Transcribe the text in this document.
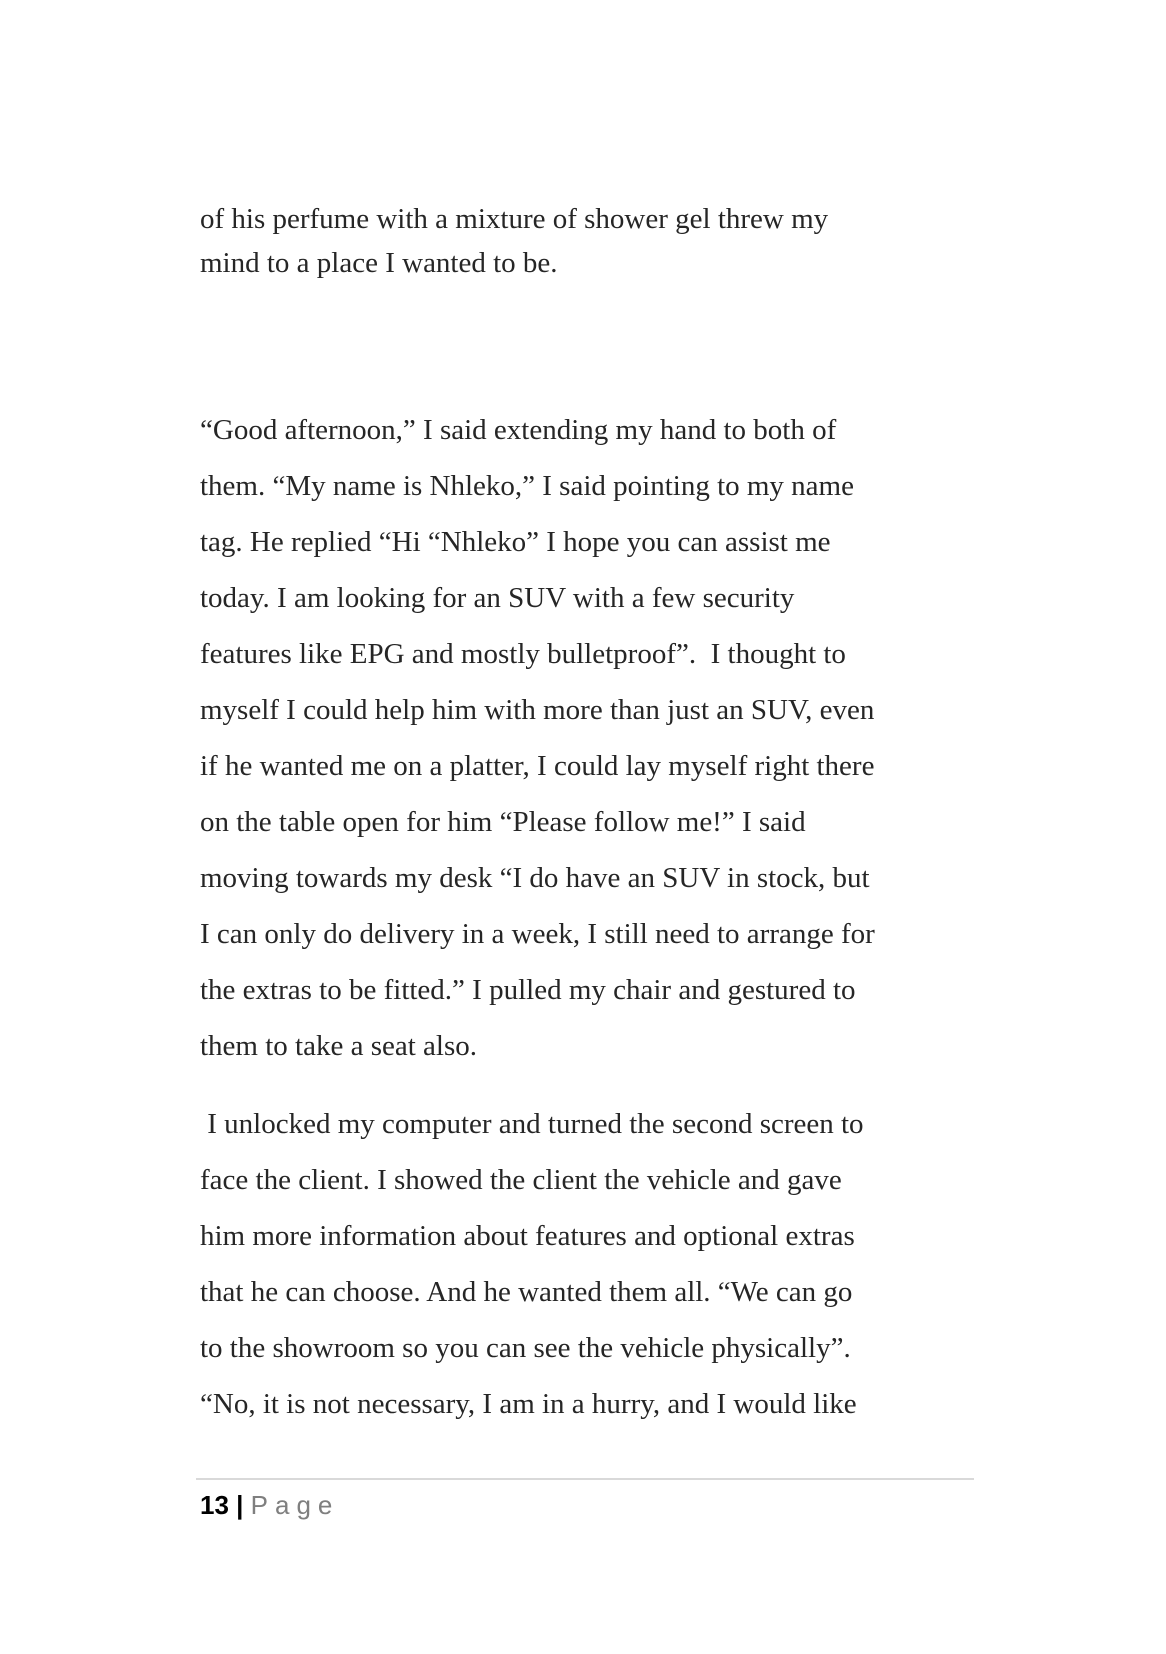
of his perfume with a mixture of shower gel threw my
mind to a place I wanted to be.
“Good afternoon,” I said extending my hand to both of
them. “My name is Nhleko,” I said pointing to my name
tag. He replied “Hi “Nhleko” I hope you can assist me
today. I am looking for an SUV with a few security
features like EPG and mostly bulletproof”.  I thought to
myself I could help him with more than just an SUV, even
if he wanted me on a platter, I could lay myself right there
on the table open for him “Please follow me!” I said
moving towards my desk “I do have an SUV in stock, but
I can only do delivery in a week, I still need to arrange for
the extras to be fitted.” I pulled my chair and gestured to
them to take a seat also.
I unlocked my computer and turned the second screen to
face the client. I showed the client the vehicle and gave
him more information about features and optional extras
that he can choose. And he wanted them all. “We can go
to the showroom so you can see the vehicle physically”.
“No, it is not necessary, I am in a hurry, and I would like
13 | Page
